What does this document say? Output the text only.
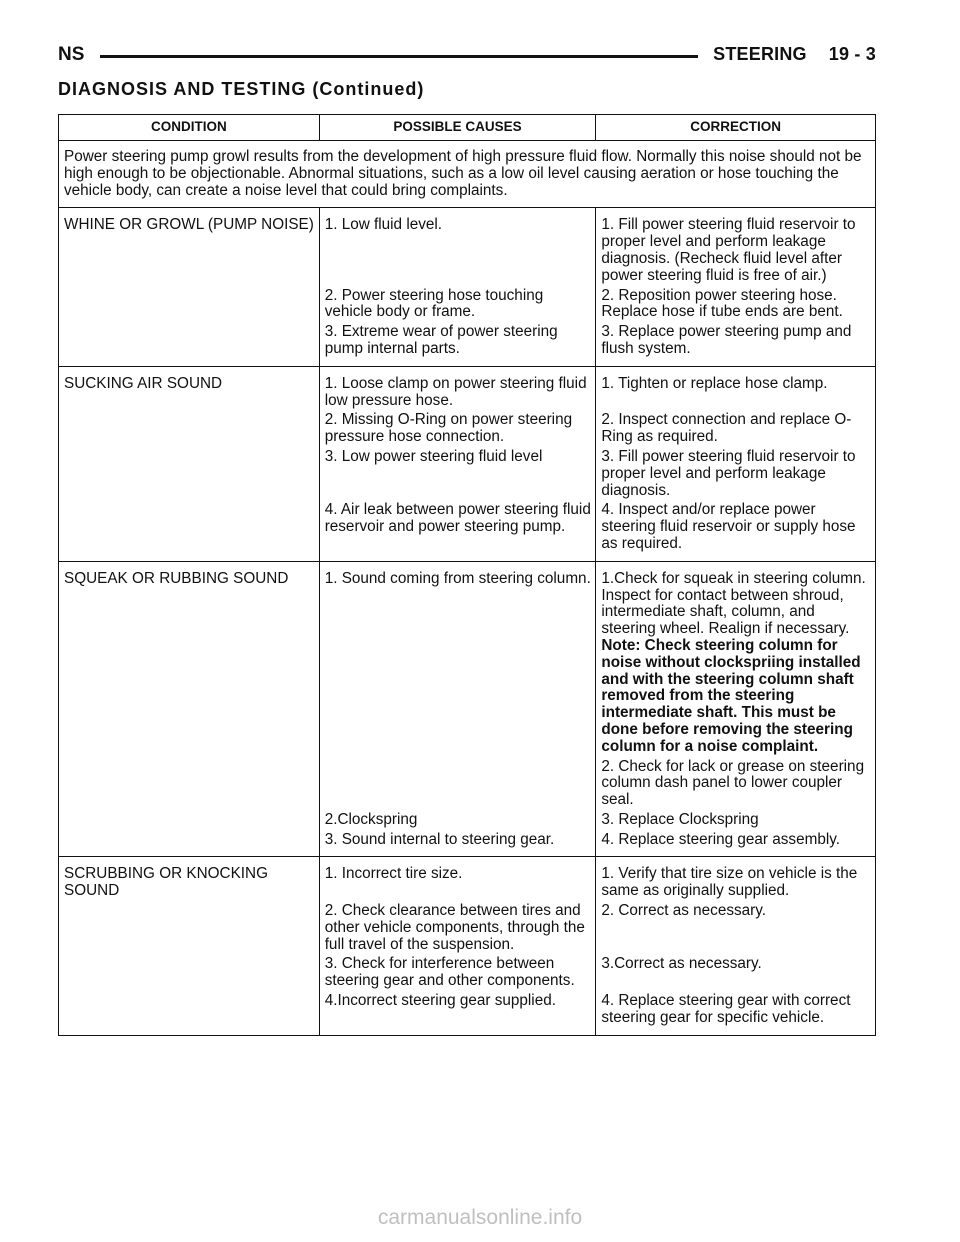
NS	STEERING 19 - 3
DIAGNOSIS AND TESTING (Continued)
CONDITION	POSSIBLE CAUSES	CORRECTION
Power steering pump growl results from the development of high pressure fluid flow. Normally this noise should not be high enough to be objectionable. Abnormal situations, such as a low oil level causing aeration or hose touching the vehicle body, can create a noise level that could bring complaints.		
WHINE OR GROWL (PUMP NOISE)	1. Low fluid level.	1. Fill power steering fluid reservoir to proper level and perform leakage diagnosis. (Recheck fluid level after power steering fluid is free of air.)
	2. Power steering hose touching vehicle body or frame.	2. Reposition power steering hose. Replace hose if tube ends are bent.
	3. Extreme wear of power steering pump internal parts.	3. Replace power steering pump and flush system.
SUCKING AIR SOUND	1. Loose clamp on power steering fluid low pressure hose.	1. Tighten or replace hose clamp.
	2. Missing O-Ring on power steering pressure hose connection.	2. Inspect connection and replace O-Ring as required.
	3. Low power steering fluid level	3. Fill power steering fluid reservoir to proper level and perform leakage diagnosis.
	4. Air leak between power steering fluid reservoir and power steering pump.	4. Inspect and/or replace power steering fluid reservoir or supply hose as required.
SQUEAK OR RUBBING SOUND	1. Sound coming from steering column.	1.Check for squeak in steering column. Inspect for contact between shroud, intermediate shaft, column, and steering wheel. Realign if necessary. Note: Check steering column for noise without clockspriing installed and with the steering column shaft removed from the steering intermediate shaft. This must be done before removing the steering column for a noise complaint.
		2. Check for lack or grease on steering column dash panel to lower coupler seal.
	2.Clockspring	3. Replace Clockspring
	3. Sound internal to steering gear.	4. Replace steering gear assembly.
SCRUBBING OR KNOCKING SOUND	1. Incorrect tire size.	1. Verify that tire size on vehicle is the same as originally supplied.
	2. Check clearance between tires and other vehicle components, through the full travel of the suspension.	2. Correct as necessary.
	3. Check for interference between steering gear and other components.	3.Correct as necessary.
	4.Incorrect steering gear supplied.	4. Replace steering gear with correct steering gear for specific vehicle.
carmanualsonline.info
